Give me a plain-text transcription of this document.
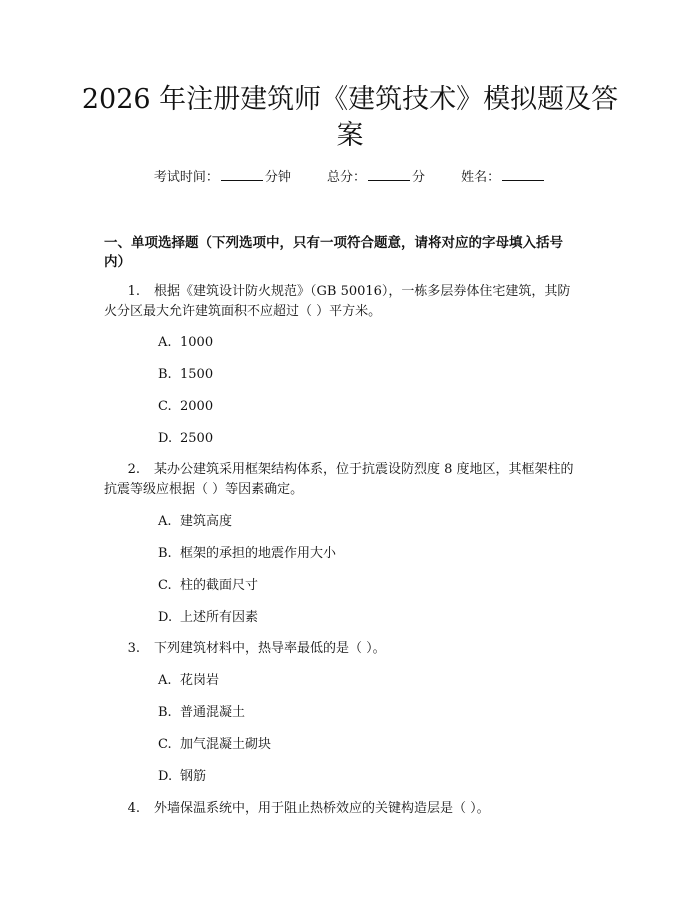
2026 年注册建筑师《建筑技术》模拟题及答
案
考试时间：	分钟	总分：	分	姓名：
一、单项选择题（下列选项中，只有一项符合题意，请将对应的字母填入括号
内）
1. 根据《建筑设计防火规范》（GB 50016），一栋多层券体住宅建筑，其防
火分区最大允许建筑面积不应超过（ ）平方米。
A. 1000
B. 1500
C. 2000
D. 2500
2. 某办公建筑采用框架结构体系，位于抗震设防烈度 8 度地区，其框架柱的
抗震等级应根据（ ）等因素确定。
A. 建筑高度
B. 框架的承担的地震作用大小
C. 柱的截面尺寸
D. 上述所有因素
3. 下列建筑材料中，热导率最低的是（ ）。
A. 花岗岩
B. 普通混凝土
C. 加气混凝土砌块
D. 钢筋
4. 外墙保温系统中，用于阻止热桥效应的关键构造层是（ ）。
